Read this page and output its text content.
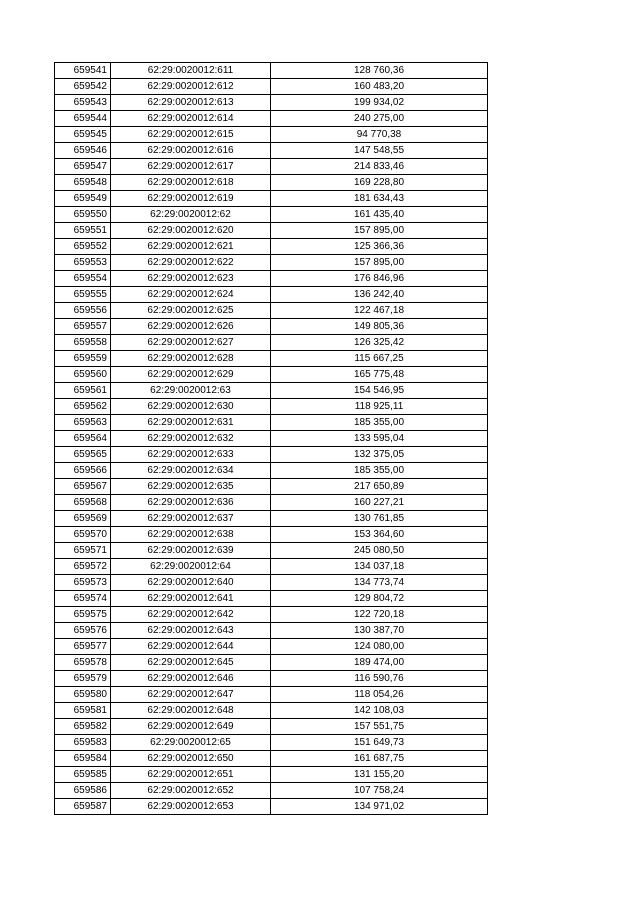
659541	62:29:0020012:611	128 760,36
659542	62:29:0020012:612	160 483,20
659543	62:29:0020012:613	199 934,02
659544	62:29:0020012:614	240 275,00
659545	62:29:0020012:615	94 770,38
659546	62:29:0020012:616	147 548,55
659547	62:29:0020012:617	214 833,46
659548	62:29:0020012:618	169 228,80
659549	62:29:0020012:619	181 634,43
659550	62:29:0020012:62	161 435,40
659551	62:29:0020012:620	157 895,00
659552	62:29:0020012:621	125 366,36
659553	62:29:0020012:622	157 895,00
659554	62:29:0020012:623	176 846,96
659555	62:29:0020012:624	136 242,40
659556	62:29:0020012:625	122 467,18
659557	62:29:0020012:626	149 805,36
659558	62:29:0020012:627	126 325,42
659559	62:29:0020012:628	115 667,25
659560	62:29:0020012:629	165 775,48
659561	62:29:0020012:63	154 546,95
659562	62:29:0020012:630	118 925,11
659563	62:29:0020012:631	185 355,00
659564	62:29:0020012:632	133 595,04
659565	62:29:0020012:633	132 375,05
659566	62:29:0020012:634	185 355,00
659567	62:29:0020012:635	217 650,89
659568	62:29:0020012:636	160 227,21
659569	62:29:0020012:637	130 761,85
659570	62:29:0020012:638	153 364,60
659571	62:29:0020012:639	245 080,50
659572	62:29:0020012:64	134 037,18
659573	62:29:0020012:640	134 773,74
659574	62:29:0020012:641	129 804,72
659575	62:29:0020012:642	122 720,18
659576	62:29:0020012:643	130 387,70
659577	62:29:0020012:644	124 080,00
659578	62:29:0020012:645	189 474,00
659579	62:29:0020012:646	116 590,76
659580	62:29:0020012:647	118 054,26
659581	62:29:0020012:648	142 108,03
659582	62:29:0020012:649	157 551,75
659583	62:29:0020012:65	151 649,73
659584	62:29:0020012:650	161 687,75
659585	62:29:0020012:651	131 155,20
659586	62:29:0020012:652	107 758,24
659587	62:29:0020012:653	134 971,02
